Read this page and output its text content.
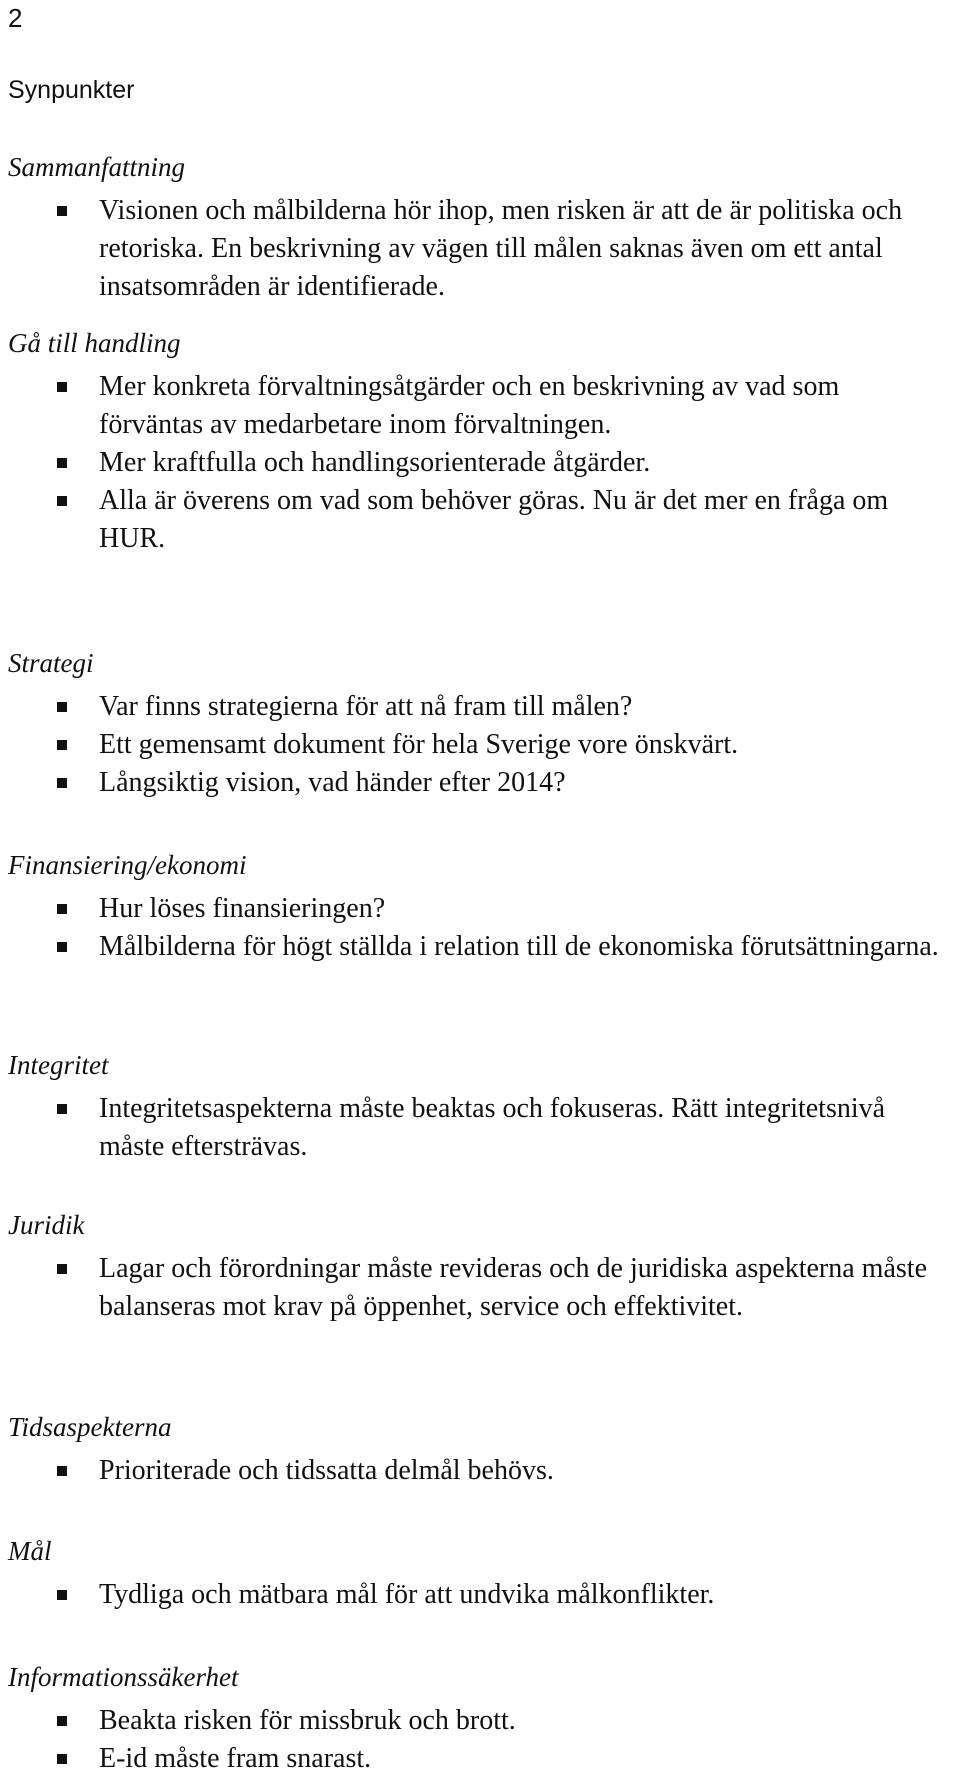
2
Synpunkter
Sammanfattning
Visionen och målbilderna hör ihop, men risken är att de är politiska och retoriska. En beskrivning av vägen till målen saknas även om ett antal insatsområden är identifierade.
Gå till handling
Mer konkreta förvaltningsåtgärder och en beskrivning av vad som förväntas av medarbetare inom förvaltningen.
Mer kraftfulla och handlingsorienterade åtgärder.
Alla är överens om vad som behöver göras. Nu är det mer en fråga om HUR.
Strategi
Var finns strategierna för att nå fram till målen?
Ett gemensamt dokument för hela Sverige vore önskvärt.
Långsiktig vision, vad händer efter 2014?
Finansiering/ekonomi
Hur löses finansieringen?
Målbilderna för högt ställda i relation till de ekonomiska förutsättningarna.
Integritet
Integritetsaspekterna måste beaktas och fokuseras. Rätt integritetsnivå måste eftersträvas.
Juridik
Lagar och förordningar måste revideras och de juridiska aspekterna måste balanseras mot krav på öppenhet, service och effektivitet.
Tidsaspekterna
Prioriterade och tidssatta delmål behövs.
Mål
Tydliga och mätbara mål för att undvika målkonflikter.
Informationssäkerhet
Beakta risken för missbruk och brott.
E-id måste fram snarast.
